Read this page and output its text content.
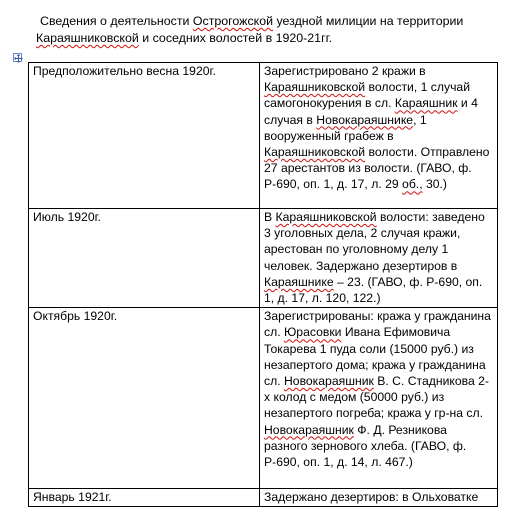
Сведения о деятельности Острогожской уездной милиции на территории Караяшниковской и соседних волостей в 1920-21гг.

Предположительно весна 1920г.	Зарегистрировано 2 кражи в Караяшниковской волости, 1 случай самогонокурения в сл. Караяшник и 4 случая в Новокараяшнике, 1 вооруженный грабеж в Караяшниковской волости. Отправлено 27 арестантов из волости. (ГАВО, ф. Р-690, оп. 1, д. 17, л. 29 об., 30.)
Июль 1920г.	В Караяшниковской волости: заведено 3 уголовных дела, 2 случая кражи, арестован по уголовному делу 1 человек. Задержано дезертиров в Караяшнике – 23. (ГАВО, ф. Р-690, оп. 1, д. 17, л. 120, 122.)
Октябрь 1920г.	Зарегистрированы: кража у гражданина сл. Юрасовки Ивана Ефимовича Токарева 1 пуда соли (15000 руб.) из незапертого дома; кража у гражданина сл. Новокараяшник В. С. Стадникова 2-х колод с медом (50000 руб.) из незапертого погреба; кража у гр-на сл. Новокараяшник Ф. Д. Резникова разного зернового хлеба. (ГАВО, ф. Р-690, оп. 1, д. 14, л. 467.)
Январь 1921г.	Задержано дезертиров: в Ольховатке
